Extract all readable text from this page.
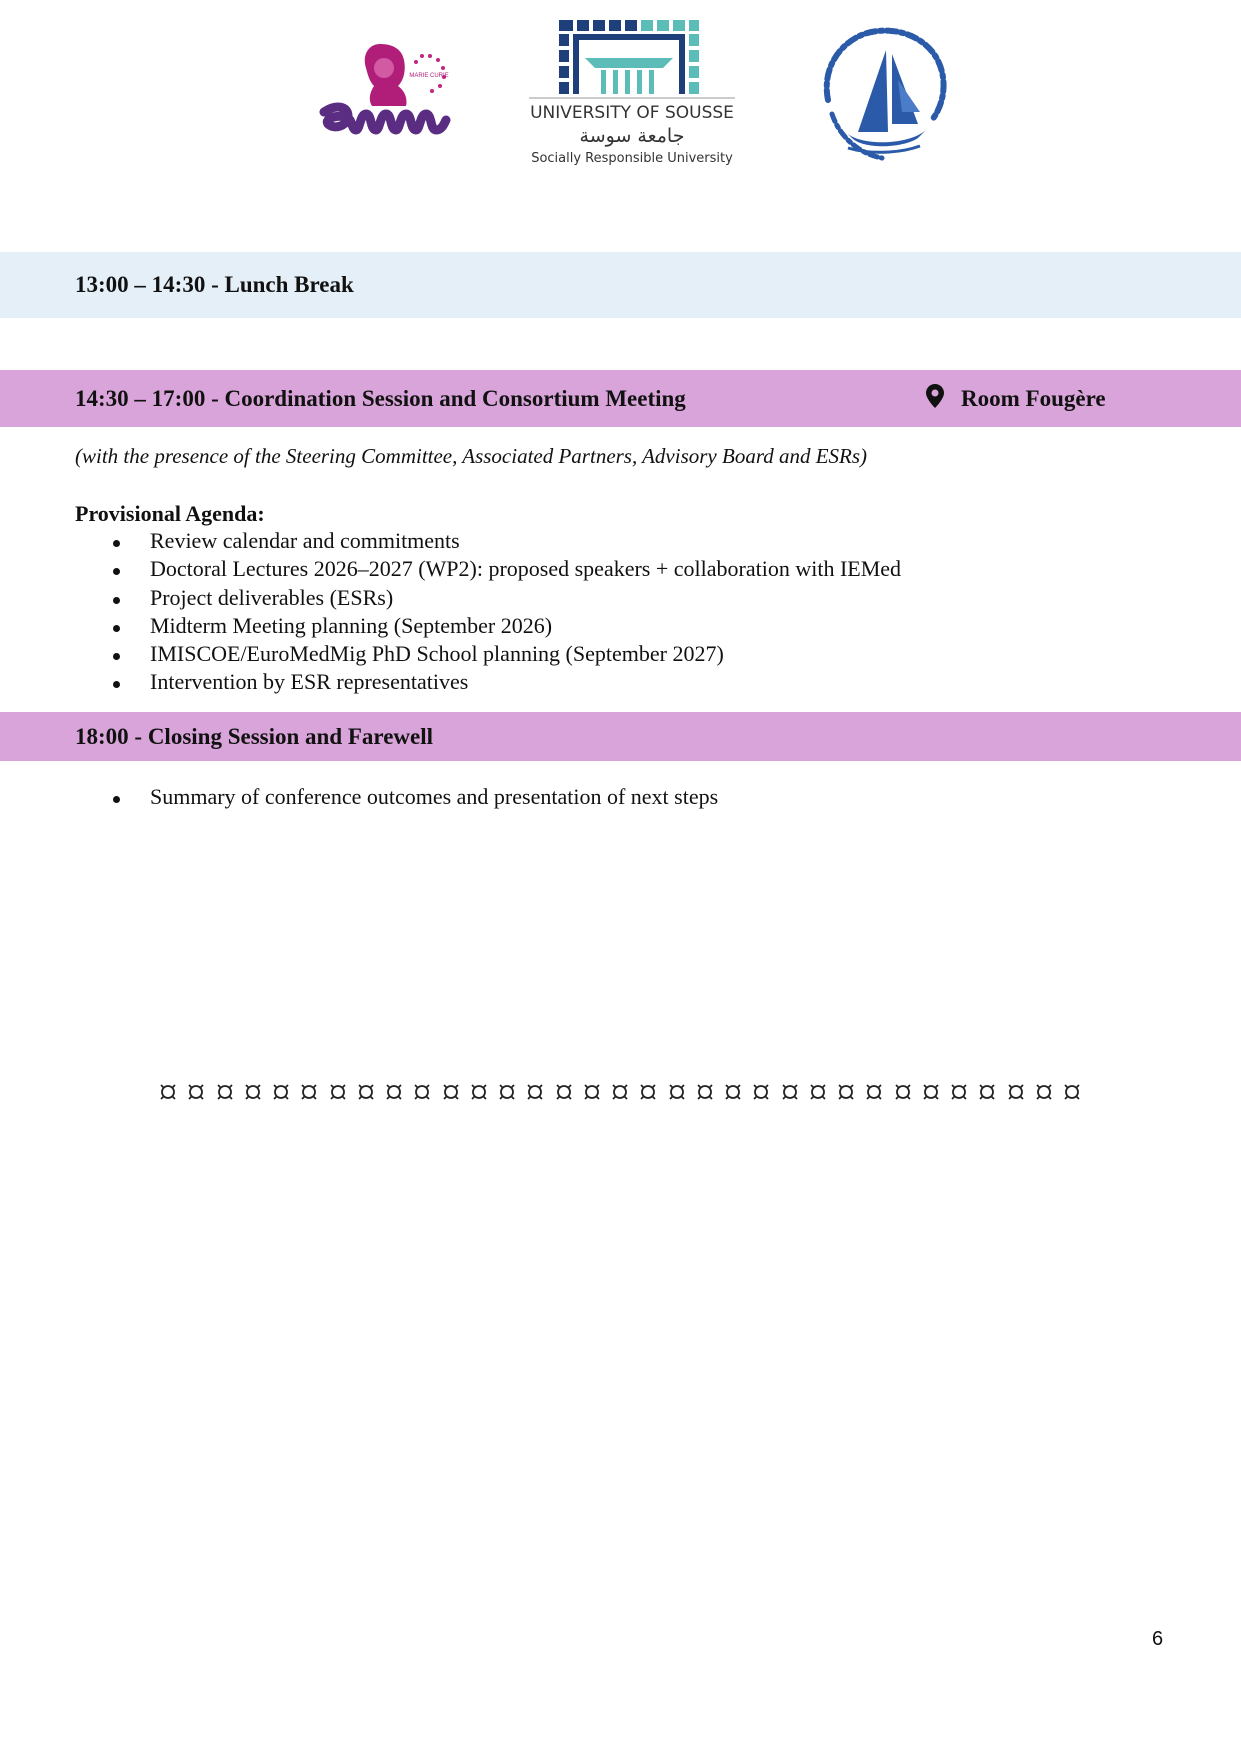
MARIE CURIE
UNIVERSITY OF SOUSSE
جامعة سوسة
Socially Responsible University
13:00 – 14:30 - Lunch Break
14:30 – 17:00 - Coordination Session and Consortium Meeting	Room Fougère
(with the presence of the Steering Committee, Associated Partners, Advisory Board and ESRs)
Provisional Agenda:
Review calendar and commitments
Doctoral Lectures 2026–2027 (WP2): proposed speakers + collaboration with IEMed
Project deliverables (ESRs)
Midterm Meeting planning (September 2026)
IMISCOE/EuroMedMig PhD School planning (September 2027)
Intervention by ESR representatives
18:00 - Closing Session and Farewell
Summary of conference outcomes and presentation of next steps
6
